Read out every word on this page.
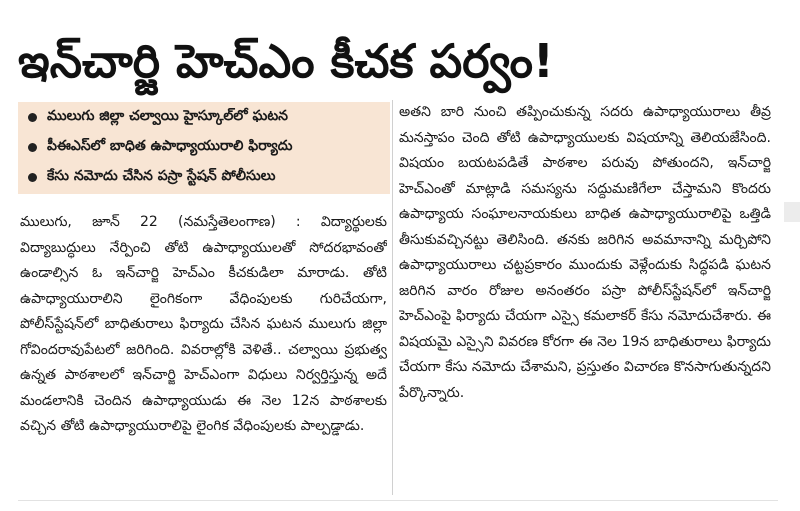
ఇన్‌చార్జి హెచ్‌ఎం కీచక పర్వం!
ములుగు జిల్లా చల్వాయి హైస్కూల్‌లో ఘటన
పీఈఎస్‌లో బాధిత ఉపాధ్యాయురాలి ఫిర్యాదు
కేసు నమోదు చేసిన పస్రా స్టేషన్ పోలీసులు
ములుగు, జూన్ 22 (నమస్తేతెలంగాణ) : విద్యార్థులకు విద్యాబుద్ధులు నేర్పించి తోటి ఉపాధ్యాయులతో సోదరభావంతో ఉండాల్సిన ఓ ఇన్‌చార్జి హెచ్‌ఎం కీచకుడిలా మారాడు. తోటి ఉపాధ్యాయురాలిని లైంగికంగా వేధింపులకు గురిచేయగా, పోలీస్‌స్టేషన్‌లో బాధితురాలు ఫిర్యాదు చేసిన ఘటన ములుగు జిల్లా గోవిందరావుపేటలో జరిగింది. వివరాల్లోకి వెళితే.. చల్వాయి ప్రభుత్వ ఉన్నత పాఠశాలలో ఇన్‌చార్జి హెచ్‌ఎంగా విధులు నిర్వర్తిస్తున్న అదే మండలానికి చెందిన ఉపాధ్యాయుడు ఈ నెల 12న పాఠశాలకు వచ్చిన తోటి ఉపాధ్యాయురాలిపై లైంగిక వేధింపులకు పాల్పడ్డాడు.
అతని బారి నుంచి తప్పించుకున్న సదరు ఉపాధ్యాయురాలు తీవ్ర మనస్తాపం చెంది తోటి ఉపాధ్యాయులకు విషయాన్ని తెలియజేసింది. విషయం బయటపడితే పాఠశాల పరువు పోతుందని, ఇన్‌చార్జి హెచ్‌ఎంతో మాట్లాడి సమస్యను సద్దుమణిగేలా చేస్తామని కొందరు ఉపాధ్యాయ సంఘాలనాయకులు బాధిత ఉపాధ్యాయురాలిపై ఒత్తిడి తీసుకువచ్చినట్టు తెలిసింది. తనకు జరిగిన అవమానాన్ని మర్చిపోని ఉపాధ్యాయురాలు చట్టప్రకారం ముందుకు వెళ్లేందుకు సిద్ధపడి ఘటన జరిగిన వారం రోజుల అనంతరం పస్రా పోలీస్‌స్టేషన్‌లో ఇన్‌చార్జి హెచ్‌ఎంపై ఫిర్యాదు చేయగా ఎస్సై కమలాకర్ కేసు నమోదుచేశారు. ఈ విషయమై ఎస్సైని వివరణ కోరగా ఈ నెల 19న బాధితురాలు ఫిర్యాదు చేయగా కేసు నమోదు చేశామని, ప్రస్తుతం విచారణ కొనసాగుతున్నదని పేర్కొన్నారు.
